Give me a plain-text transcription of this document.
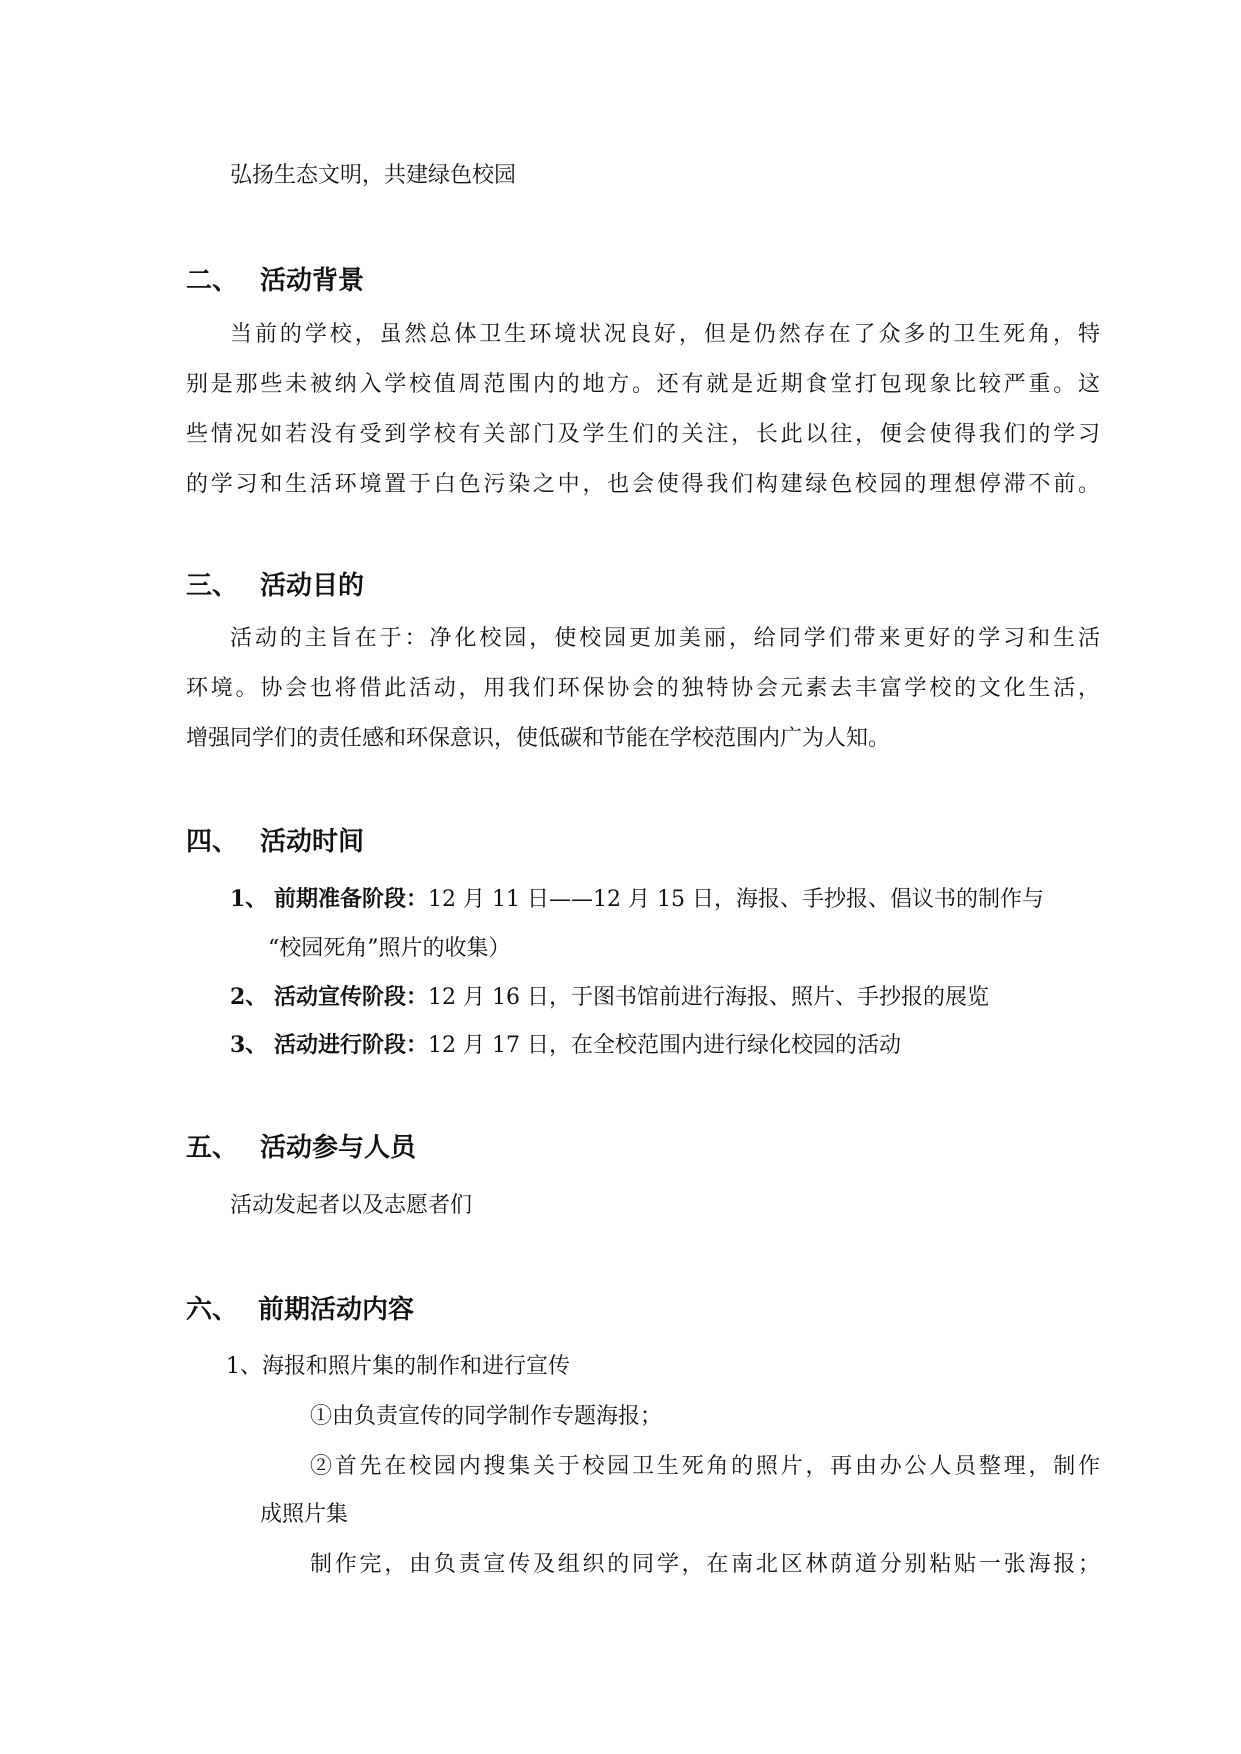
弘扬生态文明，共建绿色校园
二、 活动背景
当前的学校，虽然总体卫生环境状况良好，但是仍然存在了众多的卫生死角，特
别是那些未被纳入学校值周范围内的地方。还有就是近期食堂打包现象比较严重。这
些情况如若没有受到学校有关部门及学生们的关注，长此以往，便会使得我们的学习
的学习和生活环境置于白色污染之中，也会使得我们构建绿色校园的理想停滞不前。
三、 活动目的
活动的主旨在于：净化校园，使校园更加美丽，给同学们带来更好的学习和生活
环境。协会也将借此活动，用我们环保协会的独特协会元素去丰富学校的文化生活，
增强同学们的责任感和环保意识，使低碳和节能在学校范围内广为人知。
四、 活动时间
1、 前期准备阶段：12 月 11 日——12 月 15 日，海报、手抄报、倡议书的制作与
“校园死角”照片的收集）
2、 活动宣传阶段：12 月 16 日，于图书馆前进行海报、照片、手抄报的展览
3、 活动进行阶段：12 月 17 日，在全校范围内进行绿化校园的活动
五、 活动参与人员
活动发起者以及志愿者们
六、 前期活动内容
1、海报和照片集的制作和进行宣传
①由负责宣传的同学制作专题海报；
②首先在校园内搜集关于校园卫生死角的照片，再由办公人员整理，制作
成照片集
制作完，由负责宣传及组织的同学，在南北区林荫道分别粘贴一张海报；
